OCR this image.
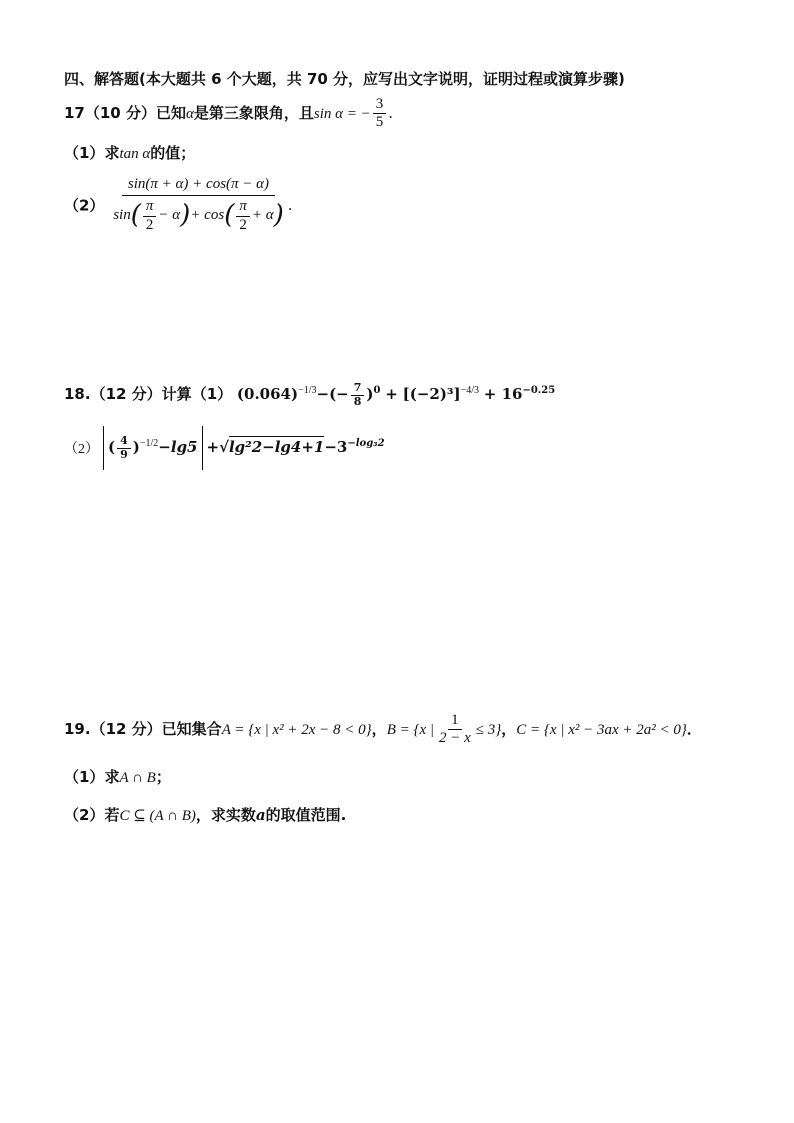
四、解答题(本大题共 6 个大题，共 70 分，应写出文字说明，证明过程或演算步骤)
17（10 分）已知α是第三象限角，且sin α = − $\frac{3}{5}$ .
（1）求tan α的值；
$(2) \frac{\sin(\pi + \alpha) + \cos(\pi - \alpha)}{\sin( \frac{\pi}{2} - \alpha)+ \cos( \frac{\pi}{2} + \alpha)}$ .
18.（12 分）计算（1） $(0.064)^{-1/3}-(- \frac{7}{8} )^0 + [(-2)^3]^{-4/3} + 16^{-0.25}$
（2） ( $\frac{4}{9} )^{-1/2}-\lg 5 +√\lg^22-\lg 4+1-3^{-log_32}$
19.（12 分）已知集合A = {x | x² + 2x − 8 < 0}，B = {x | $\frac{1}{2 - x} \le 3$}，C = {x | x² − 3ax + 2a² < 0}．
（1）求A ∩ B；
（2）若C ⊆ (A ∩ B)，求实数a的取值范围.
